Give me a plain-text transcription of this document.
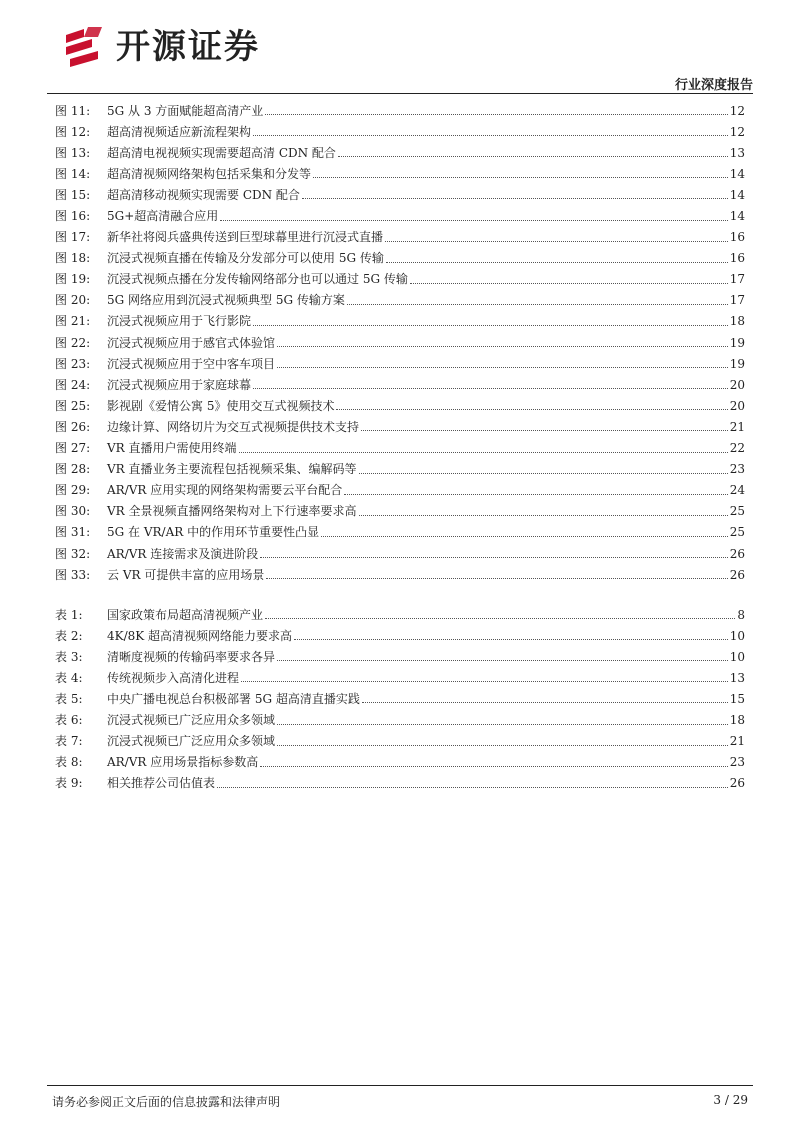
开源证券
行业深度报告
图 11:	5G 从 3 方面赋能超高清产业	12
图 12:	超高清视频适应新流程架构	12
图 13:	超高清电视视频实现需要超高清 CDN 配合	13
图 14:	超高清视频网络架构包括采集和分发等	14
图 15:	超高清移动视频实现需要 CDN 配合	14
图 16:	5G+超高清融合应用	14
图 17:	新华社将阅兵盛典传送到巨型球幕里进行沉浸式直播	16
图 18:	沉浸式视频直播在传输及分发部分可以使用 5G 传输	16
图 19:	沉浸式视频点播在分发传输网络部分也可以通过 5G 传输	17
图 20:	5G 网络应用到沉浸式视频典型 5G 传输方案	17
图 21:	沉浸式视频应用于飞行影院	18
图 22:	沉浸式视频应用于感官式体验馆	19
图 23:	沉浸式视频应用于空中客车项目	19
图 24:	沉浸式视频应用于家庭球幕	20
图 25:	影视剧《爱情公寓 5》使用交互式视频技术	20
图 26:	边缘计算、网络切片为交互式视频提供技术支持	21
图 27:	VR 直播用户需使用终端	22
图 28:	VR 直播业务主要流程包括视频采集、编解码等	23
图 29:	AR/VR 应用实现的网络架构需要云平台配合	24
图 30:	VR 全景视频直播网络架构对上下行速率要求高	25
图 31:	5G 在 VR/AR 中的作用环节重要性凸显	25
图 32:	AR/VR 连接需求及演进阶段	26
图 33:	云 VR 可提供丰富的应用场景	26
表 1:	国家政策布局超高清视频产业	8
表 2:	4K/8K 超高清视频网络能力要求高	10
表 3:	清晰度视频的传输码率要求各异	10
表 4:	传统视频步入高清化进程	13
表 5:	中央广播电视总台积极部署 5G 超高清直播实践	15
表 6:	沉浸式视频已广泛应用众多领域	18
表 7:	沉浸式视频已广泛应用众多领域	21
表 8:	AR/VR 应用场景指标参数高	23
表 9:	相关推荐公司估值表	26
请务必参阅正文后面的信息披露和法律声明	3 / 29
